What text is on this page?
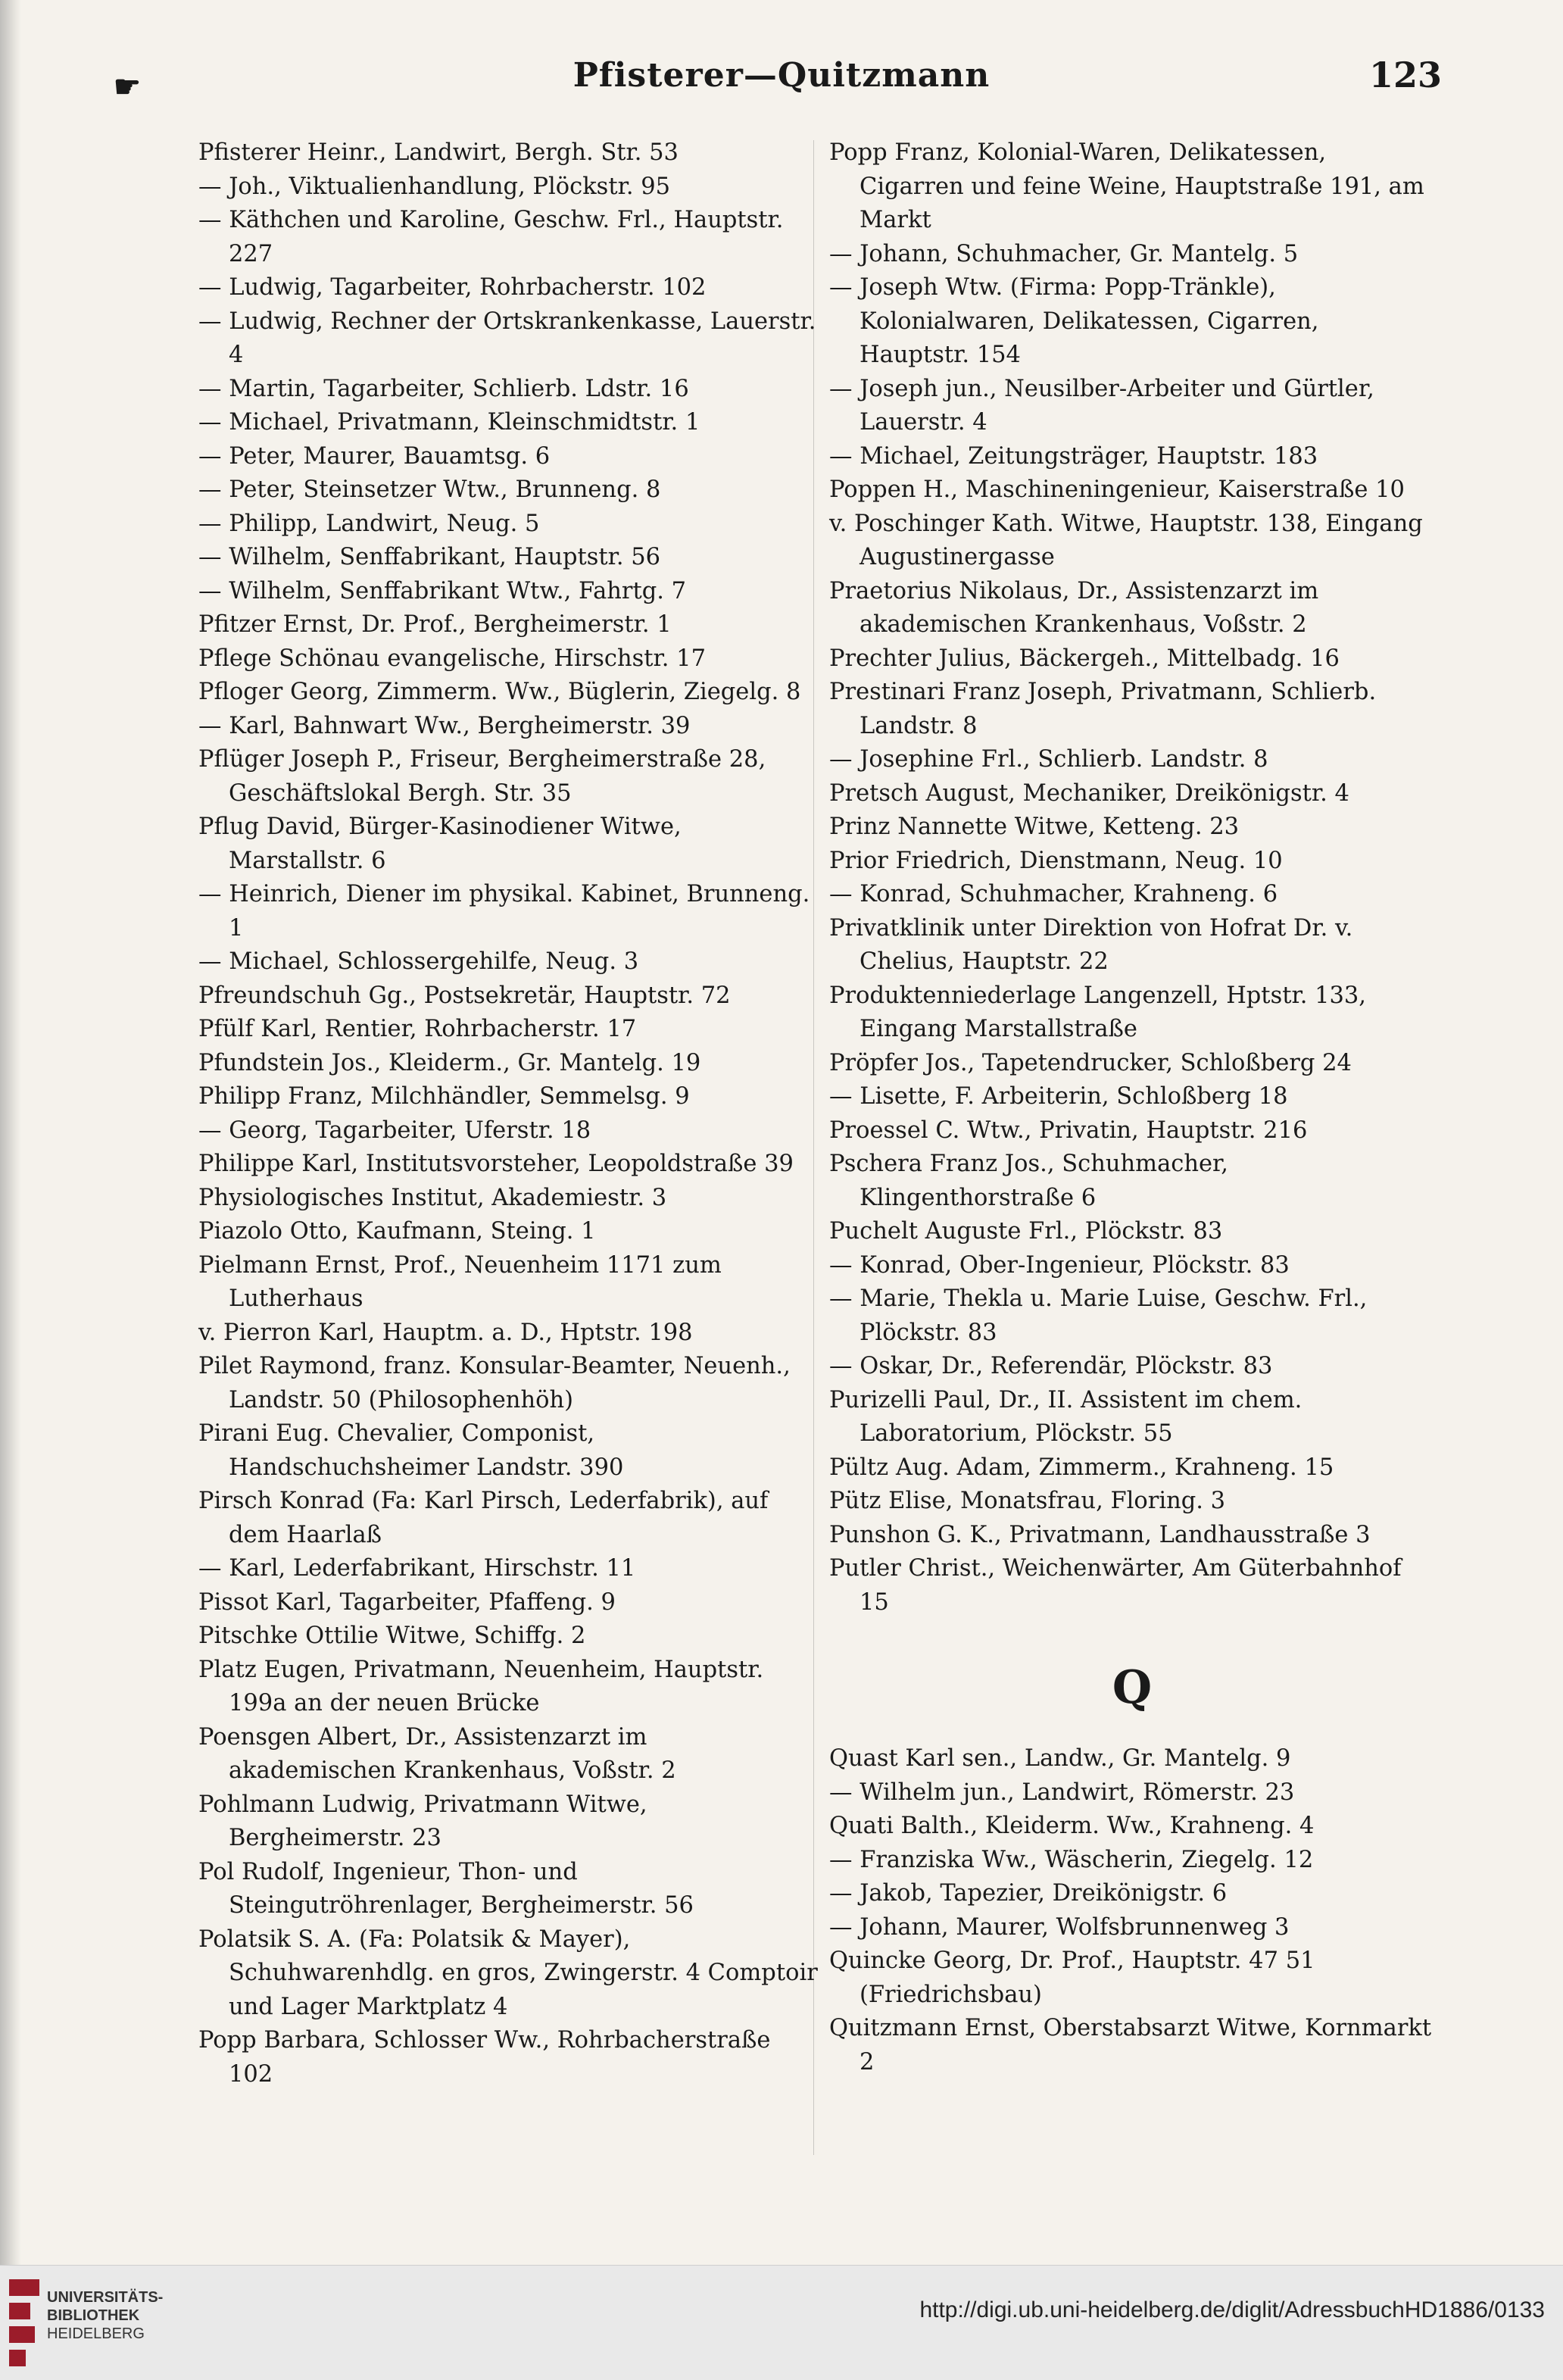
☛	Pfisterer—Quitzmann	123

Pfisterer Heinr., Landwirt, Bergh. Str. 53

— Joh., Viktualienhandlung, Plöckstr. 95

— Käthchen und Karoline, Geschw. Frl., Hauptstr. 227

— Ludwig, Tagarbeiter, Rohrbacherstr. 102

— Ludwig, Rechner der Ortskrankenkasse, Lauerstr. 4

— Martin, Tagarbeiter, Schlierb. Ldstr. 16

— Michael, Privatmann, Kleinschmidtstr. 1

— Peter, Maurer, Bauamtsg. 6

— Peter, Steinsetzer Wtw., Brunneng. 8

— Philipp, Landwirt, Neug. 5

— Wilhelm, Senffabrikant, Hauptstr. 56

— Wilhelm, Senffabrikant Wtw., Fahrtg. 7

Pfitzer Ernst, Dr. Prof., Bergheimerstr. 1

Pflege Schönau evangelische, Hirschstr. 17

Pfloger Georg, Zimmerm. Ww., Büglerin, Ziegelg. 8

— Karl, Bahnwart Ww., Bergheimerstr. 39

Pflüger Joseph P., Friseur, Bergheimerstraße 28, Geschäftslokal Bergh. Str. 35

Pflug David, Bürger-Kasinodiener Witwe, Marstallstr. 6

— Heinrich, Diener im physikal. Kabinet, Brunneng. 1

— Michael, Schlossergehilfe, Neug. 3

Pfreundschuh Gg., Postsekretär, Hauptstr. 72

Pfülf Karl, Rentier, Rohrbacherstr. 17

Pfundstein Jos., Kleiderm., Gr. Mantelg. 19

Philipp Franz, Milchhändler, Semmelsg. 9

— Georg, Tagarbeiter, Uferstr. 18

Philippe Karl, Institutsvorsteher, Leopoldstraße 39

Physiologisches Institut, Akademiestr. 3

Piazolo Otto, Kaufmann, Steing. 1

Pielmann Ernst, Prof., Neuenheim 1171 zum Lutherhaus

v. Pierron Karl, Hauptm. a. D., Hptstr. 198

Pilet Raymond, franz. Konsular-Beamter, Neuenh., Landstr. 50 (Philosophenhöh)

Pirani Eug. Chevalier, Componist, Handschuchsheimer Landstr. 390

Pirsch Konrad (Fa: Karl Pirsch, Lederfabrik), auf dem Haarlaß

— Karl, Lederfabrikant, Hirschstr. 11

Pissot Karl, Tagarbeiter, Pfaffeng. 9

Pitschke Ottilie Witwe, Schiffg. 2

Platz Eugen, Privatmann, Neuenheim, Hauptstr. 199a an der neuen Brücke

Poensgen Albert, Dr., Assistenzarzt im akademischen Krankenhaus, Voßstr. 2

Pohlmann Ludwig, Privatmann Witwe, Bergheimerstr. 23

Pol Rudolf, Ingenieur, Thon- und Steingutröhrenlager, Bergheimerstr. 56

Polatsik S. A. (Fa: Polatsik & Mayer), Schuhwarenhdlg. en gros, Zwingerstr. 4 Comptoir und Lager Marktplatz 4

Popp Barbara, Schlosser Ww., Rohrbacherstraße 102

Popp Franz, Kolonial-Waren, Delikatessen, Cigarren und feine Weine, Hauptstraße 191, am Markt

— Johann, Schuhmacher, Gr. Mantelg. 5

— Joseph Wtw. (Firma: Popp-Tränkle), Kolonialwaren, Delikatessen, Cigarren, Hauptstr. 154

— Joseph jun., Neusilber-Arbeiter und Gürtler, Lauerstr. 4

— Michael, Zeitungsträger, Hauptstr. 183

Poppen H., Maschineningenieur, Kaiserstraße 10

v. Poschinger Kath. Witwe, Hauptstr. 138, Eingang Augustinergasse

Praetorius Nikolaus, Dr., Assistenzarzt im akademischen Krankenhaus, Voßstr. 2

Prechter Julius, Bäckergeh., Mittelbadg. 16

Prestinari Franz Joseph, Privatmann, Schlierb. Landstr. 8

— Josephine Frl., Schlierb. Landstr. 8

Pretsch August, Mechaniker, Dreikönigstr. 4

Prinz Nannette Witwe, Ketteng. 23

Prior Friedrich, Dienstmann, Neug. 10

— Konrad, Schuhmacher, Krahneng. 6

Privatklinik unter Direktion von Hofrat Dr. v. Chelius, Hauptstr. 22

Produktenniederlage Langenzell, Hptstr. 133, Eingang Marstallstraße

Pröpfer Jos., Tapetendrucker, Schloßberg 24

— Lisette, F. Arbeiterin, Schloßberg 18

Proessel C. Wtw., Privatin, Hauptstr. 216

Pschera Franz Jos., Schuhmacher, Klingenthorstraße 6

Puchelt Auguste Frl., Plöckstr. 83

— Konrad, Ober-Ingenieur, Plöckstr. 83

— Marie, Thekla u. Marie Luise, Geschw. Frl., Plöckstr. 83

— Oskar, Dr., Referendär, Plöckstr. 83

Purizelli Paul, Dr., II. Assistent im chem. Laboratorium, Plöckstr. 55

Pültz Aug. Adam, Zimmerm., Krahneng. 15

Pütz Elise, Monatsfrau, Floring. 3

Punshon G. K., Privatmann, Landhausstraße 3

Putler Christ., Weichenwärter, Am Güterbahnhof 15

Q

Quast Karl sen., Landw., Gr. Mantelg. 9

— Wilhelm jun., Landwirt, Römerstr. 23

Quati Balth., Kleiderm. Ww., Krahneng. 4

— Franziska Ww., Wäscherin, Ziegelg. 12

— Jakob, Tapezier, Dreikönigstr. 6

— Johann, Maurer, Wolfsbrunnenweg 3

Quincke Georg, Dr. Prof., Hauptstr. 47 51 (Friedrichsbau)

Quitzmann Ernst, Oberstabsarzt Witwe, Kornmarkt 2

UNIVERSITÄTS-
BIBLIOTHEK
HEIDELBERG
http://digi.ub.uni-heidelberg.de/diglit/AdressbuchHD1886/0133
